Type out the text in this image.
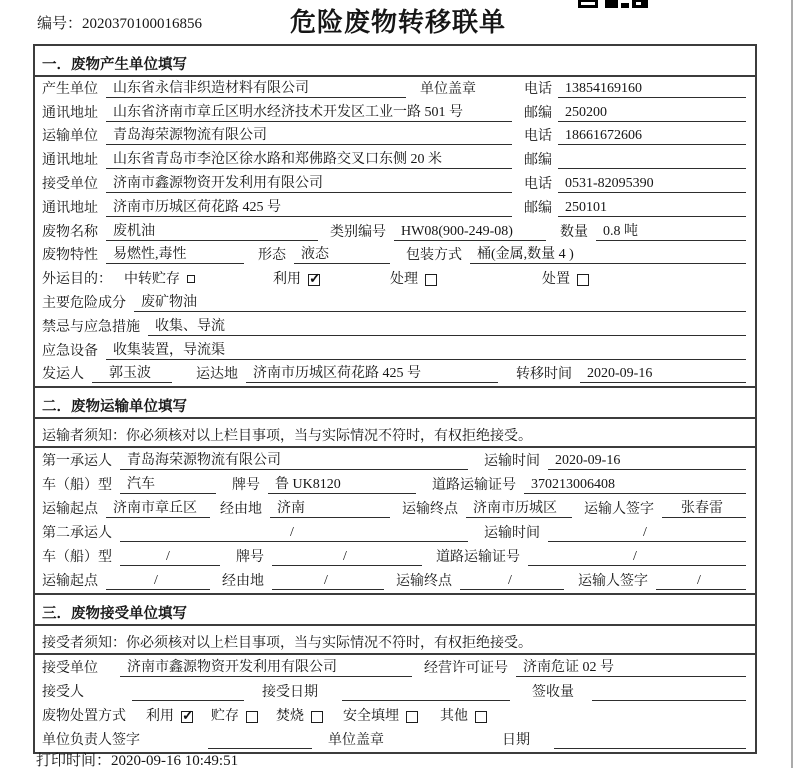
编号：2020370100016856	危险废物转移联单
一．废物产生单位填写
产生单位	山东省永信非织造材料有限公司	单位盖章	电话 13854169160
通讯地址	山东省济南市章丘区明水经济技术开发区工业一路 501 号	邮编 250200
运输单位	青岛海荣源物流有限公司	电话 18661672606
通讯地址	山东省青岛市李沧区徐水路和郑佛路交叉口东侧 20 米	邮编
接受单位	济南市鑫源物资开发利用有限公司	电话 0531-82095390
通讯地址	济南市历城区荷花路 425 号	邮编 250101
废物名称	废机油	类别编号	HW08(900-249-08)	数量	0.8 吨
废物特性	易燃性,毒性	形态	液态	包装方式	桶(金属,数量 4 )
外运目的： 中转贮存	利用 ✓	处理	处置
主要危险成分	废矿物油
禁忌与应急措施	收集、导流
应急设备	收集装置，导流渠
发运人	郭玉波	运达地	济南市历城区荷花路 425 号	转移时间	2020-09-16
二．废物运输单位填写
运输者须知：你必须核对以上栏目事项，当与实际情况不符时，有权拒绝接受。
第一承运人	青岛海荣源物流有限公司	运输时间	2020-09-16
车（船）型	汽车	牌号	鲁 UK8120	道路运输证号	370213006408
运输起点	济南市章丘区	经由地	济南	运输终点	济南市历城区	运输人签字	张春雷
第二承运人	/	运输时间	/
车（船）型	/	牌号	/	道路运输证号	/
运输起点	/	经由地	/	运输终点	/	运输人签字	/
三．废物接受单位填写
接受者须知：你必须核对以上栏目事项，当与实际情况不符时，有权拒绝接受。
接受单位	济南市鑫源物资开发利用有限公司	经营许可证号	济南危证 02 号
接受人	接受日期	签收量
废物处置方式 利用 ✓	贮存	焚烧	安全填埋	其他
单位负责人签字	单位盖章	日期
打印时间：2020-09-16 10:49:51
